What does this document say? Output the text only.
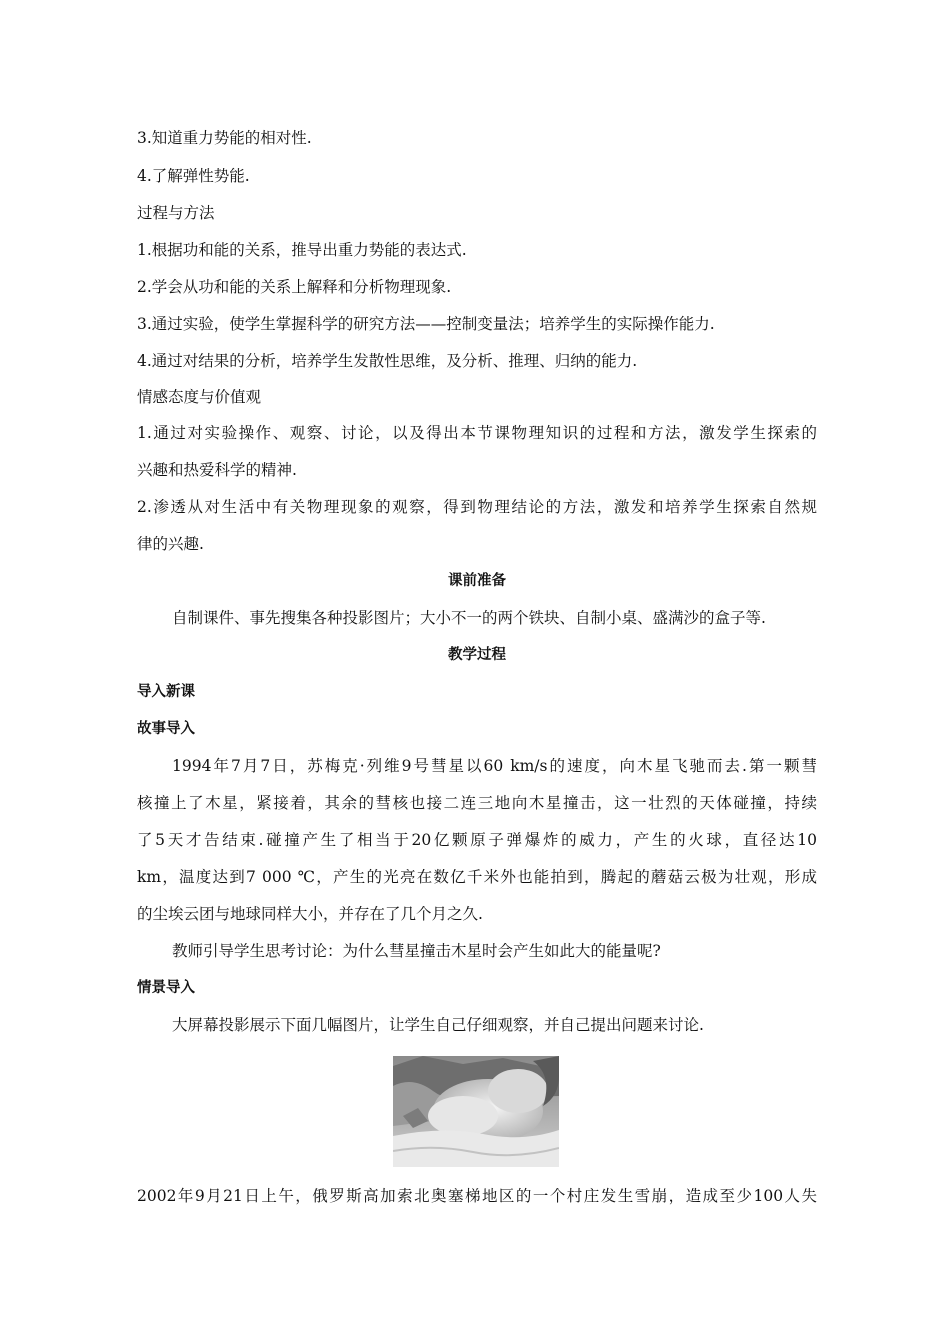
3.知道重力势能的相对性.
4.了解弹性势能.
过程与方法
1.根据功和能的关系，推导出重力势能的表达式.
2.学会从功和能的关系上解释和分析物理现象.
3.通过实验，使学生掌握科学的研究方法——控制变量法；培养学生的实际操作能力.
4.通过对结果的分析，培养学生发散性思维，及分析、推理、归纳的能力.
情感态度与价值观
1.通过对实验操作、观察、讨论，以及得出本节课物理知识的过程和方法，激发学生探索的
兴趣和热爱科学的精神.
2.渗透从对生活中有关物理现象的观察，得到物理结论的方法，激发和培养学生探索自然规
律的兴趣.
课前准备
自制课件、事先搜集各种投影图片；大小不一的两个铁块、自制小桌、盛满沙的盒子等.
教学过程
导入新课
故事导入
1994年7月7日，苏梅克·列维9号彗星以60 km/s的速度，向木星飞驰而去.第一颗彗
核撞上了木星，紧接着，其余的彗核也接二连三地向木星撞击，这一壮烈的天体碰撞，持续
了5天才告结束.碰撞产生了相当于20亿颗原子弹爆炸的威力，产生的火球，直径达10
km，温度达到7 000 ℃，产生的光亮在数亿千米外也能拍到，腾起的蘑菇云极为壮观，形成
的尘埃云团与地球同样大小，并存在了几个月之久.
教师引导学生思考讨论：为什么彗星撞击木星时会产生如此大的能量呢?
情景导入
大屏幕投影展示下面几幅图片，让学生自己仔细观察，并自己提出问题来讨论.
2002年9月21日上午，俄罗斯高加索北奥塞梯地区的一个村庄发生雪崩，造成至少100人失
